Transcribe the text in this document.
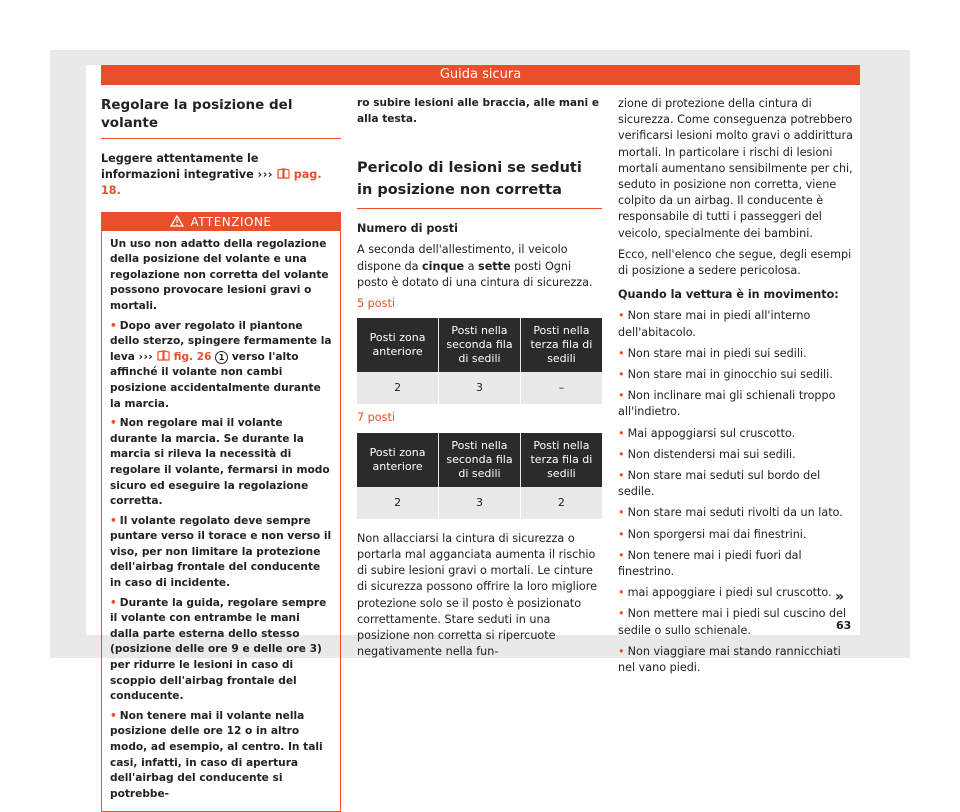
Guida sicura
Regolare la posizione del volante

Leggere attentamente le informazioni integrative ››› pag. 18.

ATTENZIONE

Un uso non adatto della regolazione della posizione del volante e una regolazione non corretta del volante possono provocare lesioni gravi o mortali.

• Dopo aver regolato il piantone dello sterzo, spingere fermamente la leva ››› fig. 26 1 verso l'alto affinché il volante non cambi posizione accidentalmente durante la marcia.

• Non regolare mai il volante durante la marcia. Se durante la marcia si rileva la necessità di regolare il volante, fermarsi in modo sicuro ed eseguire la regolazione corretta.

• Il volante regolato deve sempre puntare verso il torace e non verso il viso, per non limitare la protezione dell'airbag frontale del conducente in caso di incidente.

• Durante la guida, regolare sempre il volante con entrambe le mani dalla parte esterna dello stesso (posizione delle ore 9 e delle ore 3) per ridurre le lesioni in caso di scoppio dell'airbag frontale del conducente.

• Non tenere mai il volante nella posizione delle ore 12 o in altro modo, ad esempio, al centro. In tali casi, infatti, in caso di apertura dell'airbag del conducente si potrebbe-

ro subire lesioni alle braccia, alle mani e alla testa.

Pericolo di lesioni se seduti in posizione non corretta

Numero di posti

A seconda dell'allestimento, il veicolo dispone da cinque a sette posti Ogni posto è dotato di una cintura di sicurezza.

5 posti

Posti zona anteriore	Posti nella seconda fila di sedili	Posti nella terza fila di sedili
2	3	–

7 posti

Posti zona anteriore	Posti nella seconda fila di sedili	Posti nella terza fila di sedili
2	3	2

Non allacciarsi la cintura di sicurezza o portarla mal agganciata aumenta il rischio di subire lesioni gravi o mortali. Le cinture di sicurezza possono offrire la loro migliore protezione solo se il posto è posizionato correttamente. Stare seduti in una posizione non corretta si ripercuote negativamente nella fun-

zione di protezione della cintura di sicurezza. Come conseguenza potrebbero verificarsi lesioni molto gravi o addirittura mortali. In particolare i rischi di lesioni mortali aumentano sensibilmente per chi, seduto in posizione non corretta, viene colpito da un airbag. Il conducente è responsabile di tutti i passeggeri del veicolo, specialmente dei bambini.

Ecco, nell'elenco che segue, degli esempi di posizione a sedere pericolosa.

Quando la vettura è in movimento:

• Non stare mai in piedi all'interno dell'abitacolo.

• Non stare mai in piedi sui sedili.

• Non stare mai in ginocchio sui sedili.

• Non inclinare mai gli schienali troppo all'indietro.

• Mai appoggiarsi sul cruscotto.

• Non distendersi mai sui sedili.

• Non stare mai seduti sul bordo del sedile.

• Non stare mai seduti rivolti da un lato.

• Non sporgersi mai dai finestrini.

• Non tenere mai i piedi fuori dal finestrino.

• mai appoggiare i piedi sul cruscotto.

• Non mettere mai i piedi sul cuscino del sedile o sullo schienale.

• Non viaggiare mai stando rannicchiati nel vano piedi.

»
63
